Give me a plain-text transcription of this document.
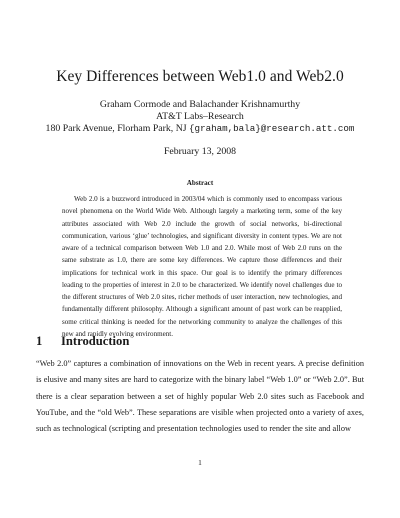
Key Differences between Web1.0 and Web2.0
Graham Cormode and Balachander Krishnamurthy
AT&T Labs–Research
180 Park Avenue, Florham Park, NJ {graham,bala}@research.att.com
February 13, 2008
Abstract

Web 2.0 is a buzzword introduced in 2003/04 which is commonly used to encompass various novel phenomena on the World Wide Web. Although largely a marketing term, some of the key attributes associated with Web 2.0 include the growth of social networks, bi-directional communication, various ‘glue’ technologies, and significant diversity in content types. We are not aware of a technical comparison between Web 1.0 and 2.0. While most of Web 2.0 runs on the same substrate as 1.0, there are some key differences. We capture those differences and their implications for technical work in this space. Our goal is to identify the primary differences leading to the properties of interest in 2.0 to be characterized. We identify novel challenges due to the different structures of Web 2.0 sites, richer methods of user interaction, new technologies, and fundamentally different philosophy. Although a significant amount of past work can be reapplied, some critical thinking is needed for the networking community to analyze the challenges of this new and rapidly evolving environment.

1 Introduction

“Web 2.0” captures a combination of innovations on the Web in recent years. A precise definition is elusive and many sites are hard to categorize with the binary label “Web 1.0” or “Web 2.0”. But there is a clear separation between a set of highly popular Web 2.0 sites such as Facebook and YouTube, and the “old Web”. These separations are visible when projected onto a variety of axes, such as technological (scripting and presentation technologies used to render the site and allow

1
